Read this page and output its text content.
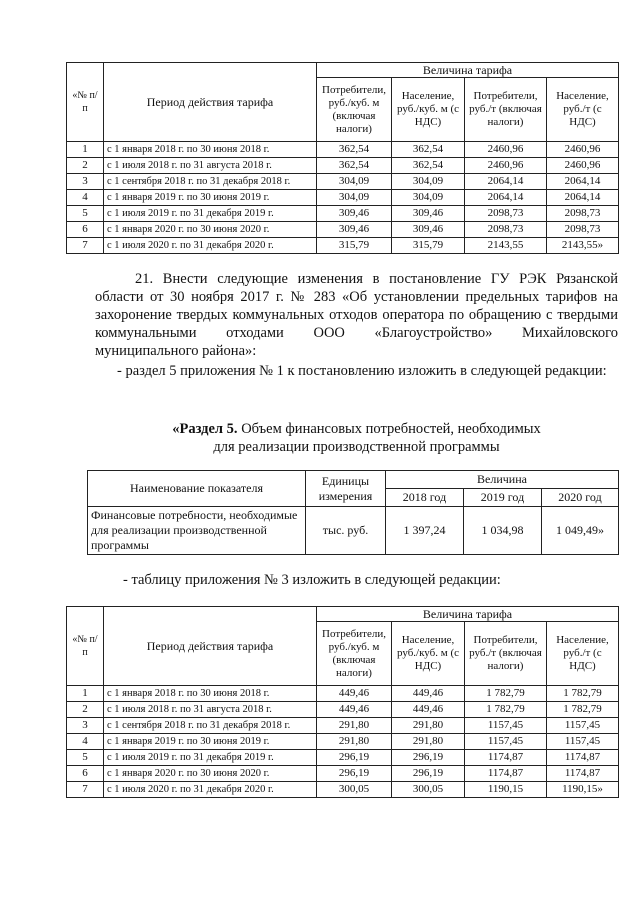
«№ п/п	Период действия тарифа	Величина тарифа			
		Потребители, руб./куб. м (включая налоги)	Население, руб./куб. м (с НДС)	Потребители, руб./т (включая налоги)	Население, руб./т (с НДС)
1	с 1 января 2018 г. по 30 июня 2018 г.	362,54	362,54	2460,96	2460,96
2	с 1 июля 2018 г. по 31 августа 2018 г.	362,54	362,54	2460,96	2460,96
3	с 1 сентября 2018 г. по 31 декабря 2018 г.	304,09	304,09	2064,14	2064,14
4	с 1 января 2019 г. по 30 июня 2019 г.	304,09	304,09	2064,14	2064,14
5	с 1 июля 2019 г. по 31 декабря 2019 г.	309,46	309,46	2098,73	2098,73
6	с 1 января 2020 г. по 30 июня 2020 г.	309,46	309,46	2098,73	2098,73
7	с 1 июля 2020 г. по 31 декабря 2020 г.	315,79	315,79	2143,55	2143,55»
21. Внести следующие изменения в постановление ГУ РЭК Рязанской области от 30 ноября 2017 г. № 283 «Об установлении предельных тарифов на захоронение твердых коммунальных отходов оператора по обращению с твердыми коммунальными отходами ООО «Благоустройство» Михайловского муниципального района»:
- раздел 5 приложения № 1 к постановлению изложить в следующей редакции:
«Раздел 5. Объем финансовых потребностей, необходимых
для реализации производственной программы
Наименование показателя	Единицы измерения	Величина		
		2018 год	2019 год	2020 год
Финансовые потребности, необходимые для реализации производственной программы	тыс. руб.	1 397,24	1 034,98	1 049,49»
- таблицу приложения № 3 изложить в следующей редакции:
«№ п/п	Период действия тарифа	Величина тарифа			
		Потребители, руб./куб. м (включая налоги)	Население, руб./куб. м (с НДС)	Потребители, руб./т (включая налоги)	Население, руб./т (с НДС)
1	с 1 января 2018 г. по 30 июня 2018 г.	449,46	449,46	1 782,79	1 782,79
2	с 1 июля 2018 г. по 31 августа 2018 г.	449,46	449,46	1 782,79	1 782,79
3	с 1 сентября 2018 г. по 31 декабря 2018 г.	291,80	291,80	1157,45	1157,45
4	с 1 января 2019 г. по 30 июня 2019 г.	291,80	291,80	1157,45	1157,45
5	с 1 июля 2019 г. по 31 декабря 2019 г.	296,19	296,19	1174,87	1174,87
6	с 1 января 2020 г. по 30 июня 2020 г.	296,19	296,19	1174,87	1174,87
7	с 1 июля 2020 г. по 31 декабря 2020 г.	300,05	300,05	1190,15	1190,15»
